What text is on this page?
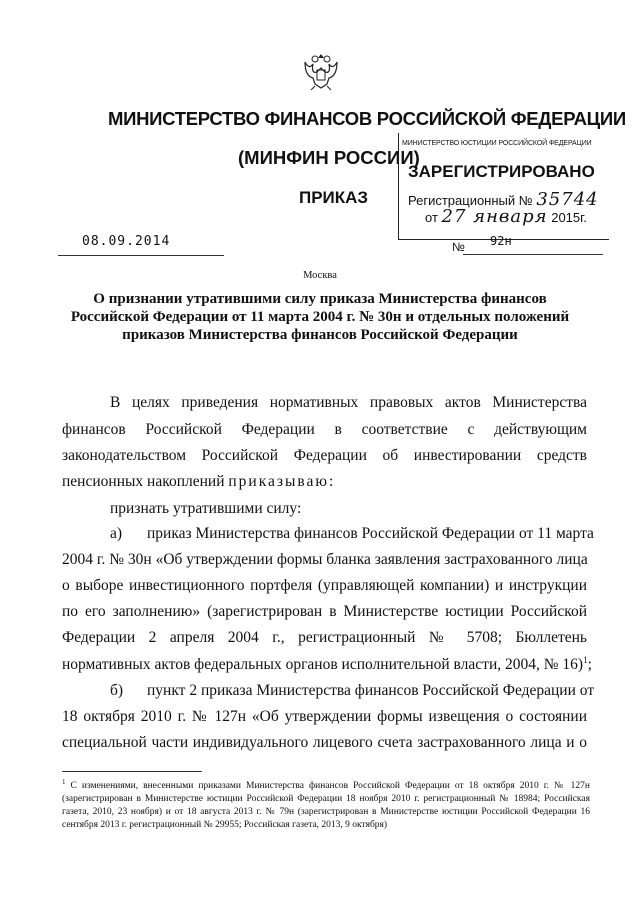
МИНИСТЕРСТВО ФИНАНСОВ РОССИЙСКОЙ ФЕДЕРАЦИИ
(МИНФИН РОССИИ)
ПРИКАЗ
МИНИСТЕРСТВО ЮСТИЦИИ РОССИЙСКОЙ ФЕДЕРАЦИИ
ЗАРЕГИСТРИРОВАНО
Регистрационный № 35744
от 27 января 2015г.
08.09.2014	№ 92н
Москва
О признании утратившими силу приказа Министерства финансов
Российской Федерации от 11 марта 2004 г. № 30н и отдельных положений
приказов Министерства финансов Российской Федерации
В целях приведения нормативных правовых актов Министерства
финансов Российской Федерации в соответствие с действующим
законодательством Российской Федерации об инвестировании средств
пенсионных накоплений приказываю:
признать утратившими силу:
а) приказ Министерства финансов Российской Федерации от 11 марта
2004 г. № 30н «Об утверждении формы бланка заявления застрахованного лица
о выборе инвестиционного портфеля (управляющей компании) и инструкции
по его заполнению» (зарегистрирован в Министерстве юстиции Российской
Федерации 2 апреля 2004 г., регистрационный № 5708; Бюллетень
нормативных актов федеральных органов исполнительной власти, 2004, № 16)$^1$;
б) пункт 2 приказа Министерства финансов Российской Федерации от
18 октября 2010 г. № 127н «Об утверждении формы извещения о состоянии
специальной части индивидуального лицевого счета застрахованного лица и о
$^1$ С изменениями, внесенными приказами Министерства финансов Российской Федерации от 18 октября 2010 г. № 127н (зарегистрирован в Министерстве юстиции Российской Федерации 18 ноября 2010 г. регистрационный № 18984; Российская газета, 2010, 23 ноября) и от 18 августа 2013 г. № 79н (зарегистрирован в Министерстве юстиции Российской Федерации 16 сентября 2013 г. регистрационный № 29955; Российская газета, 2013, 9 октября)
